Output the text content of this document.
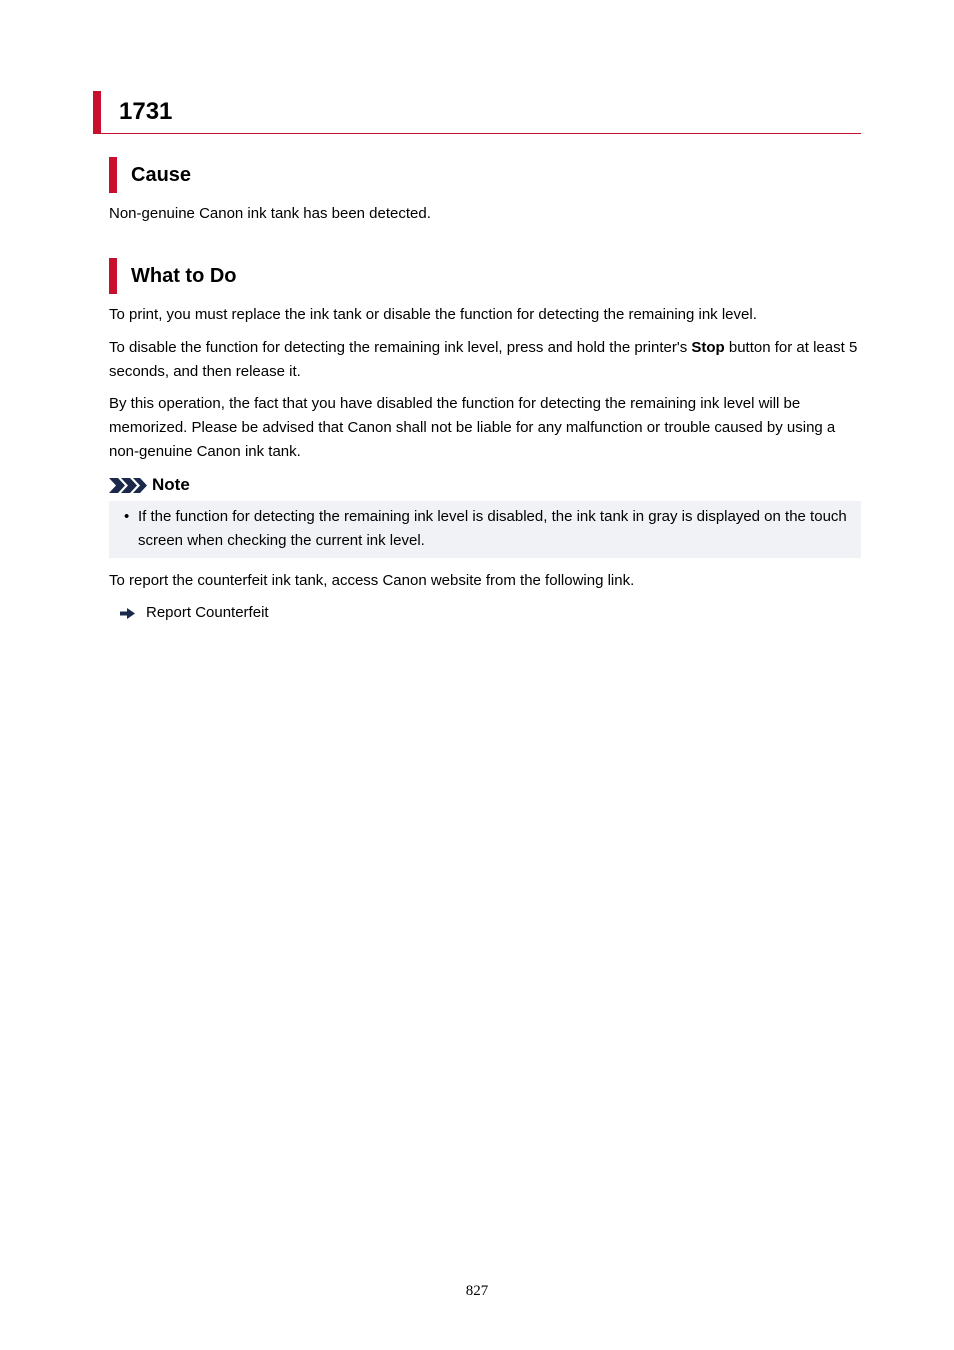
1731
Cause

Non-genuine Canon ink tank has been detected.

What to Do

To print, you must replace the ink tank or disable the function for detecting the remaining ink level.

To disable the function for detecting the remaining ink level, press and hold the printer's Stop button for at least 5 seconds, and then release it.

By this operation, the fact that you have disabled the function for detecting the remaining ink level will be memorized. Please be advised that Canon shall not be liable for any malfunction or trouble caused by using a non-genuine Canon ink tank.

Note
• If the function for detecting the remaining ink level is disabled, the ink tank in gray is displayed on the touch screen when checking the current ink level.

To report the counterfeit ink tank, access Canon website from the following link.

Report Counterfeit
827
